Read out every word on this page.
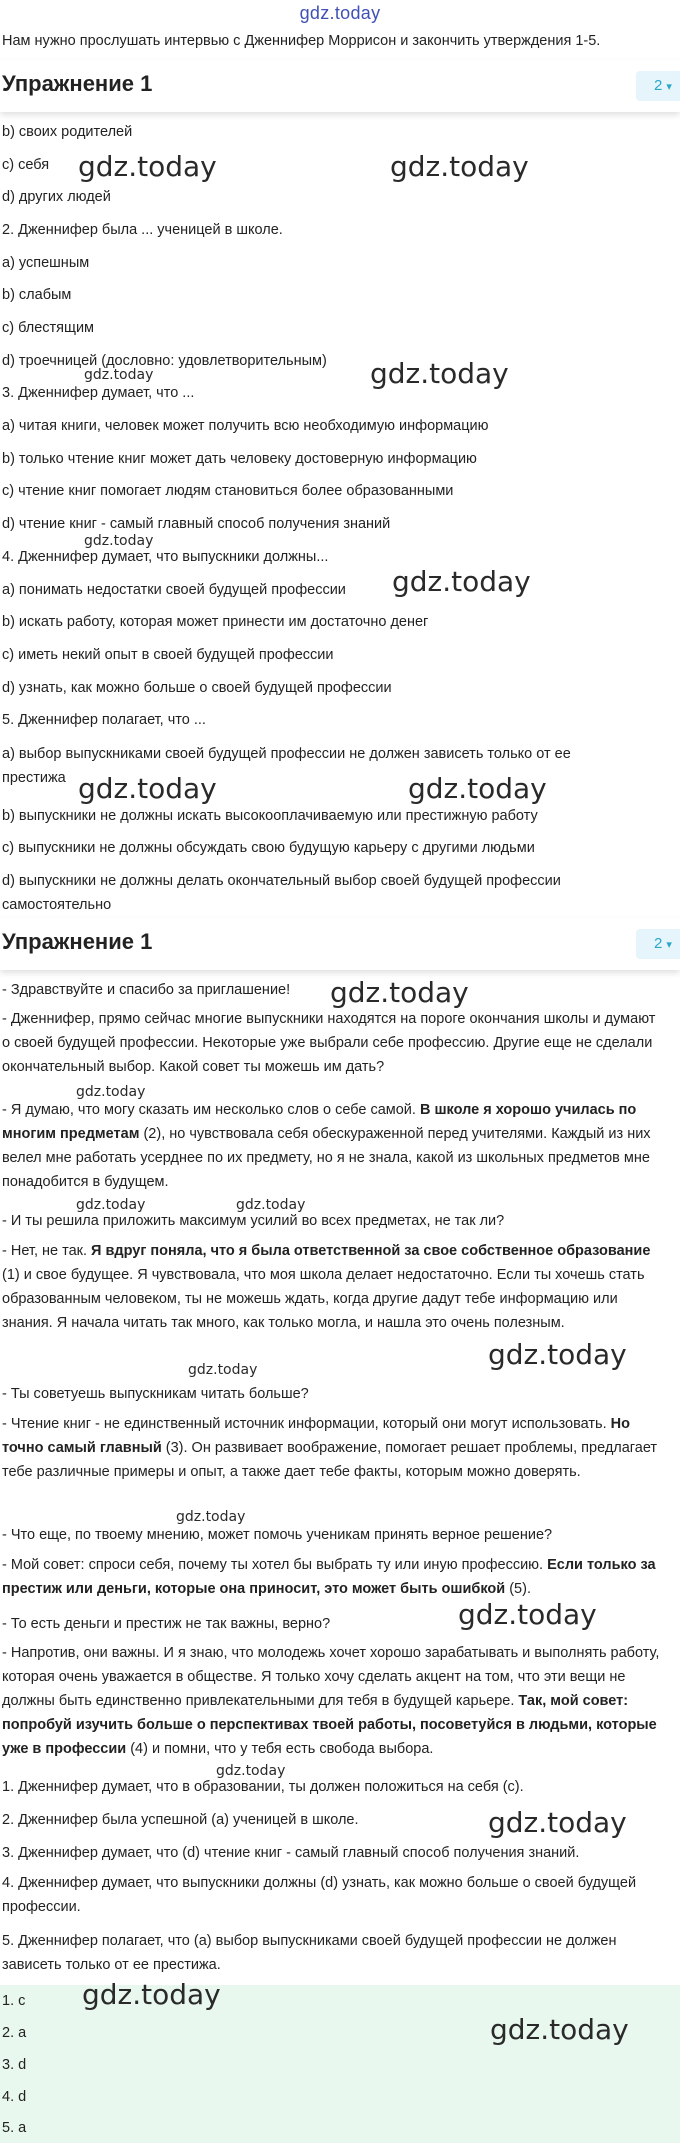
gdz.today
Нам нужно прослушать интервью с Дженнифер Моррисон и закончить утверждения 1-5.
Упражнение 1	2 ▾
b) своих родителей
c) себя
d) других людей
2. Дженнифер была ... ученицей в школе.
a) успешным
b) слабым
c) блестящим
d) троечницей (дословно: удовлетворительным)
3. Дженнифер думает, что ...
a) читая книги, человек может получить всю необходимую информацию
b) только чтение книг может дать человеку достоверную информацию
c) чтение книг помогает людям становиться более образованными
d) чтение книг - самый главный способ получения знаний
4. Дженнифер думает, что выпускники должны...
a) понимать недостатки своей будущей профессии
b) искать работу, которая может принести им достаточно денег
c) иметь некий опыт в своей будущей профессии
d) узнать, как можно больше о своей будущей профессии
5. Дженнифер полагает, что ...
a) выбор выпускниками своей будущей профессии не должен зависеть только от ее
престижа
b) выпускники не должны искать высокооплачиваемую или престижную работу
c) выпускники не должны обсуждать свою будущую карьеру с другими людьми
d) выпускники не должны делать окончательный выбор своей будущей профессии
самостоятельно
Упражнение 1	2 ▾
- Здравствуйте и спасибо за приглашение!
- Дженнифер, прямо сейчас многие выпускники находятся на пороге окончания школы и думают о своей будущей профессии. Некоторые уже выбрали себе профессию. Другие еще не сделали окончательный выбор. Какой совет ты можешь им дать?
- Я думаю, что могу сказать им несколько слов о себе самой. В школе я хорошо училась по многим предметам (2), но чувствовала себя обескураженной перед учителями. Каждый из них велел мне работать усерднее по их предмету, но я не знала, какой из школьных предметов мне понадобится в будущем.
- И ты решила приложить максимум усилий во всех предметах, не так ли?
- Нет, не так. Я вдруг поняла, что я была ответственной за свое собственное образование (1) и свое будущее. Я чувствовала, что моя школа делает недостаточно. Если ты хочешь стать образованным человеком, ты не можешь ждать, когда другие дадут тебе информацию или знания. Я начала читать так много, как только могла, и нашла это очень полезным.
- Ты советуешь выпускникам читать больше?
- Чтение книг - не единственный источник информации, который они могут использовать. Но точно самый главный (3). Он развивает воображение, помогает решает проблемы, предлагает тебе различные примеры и опыт, а также дает тебе факты, которым можно доверять.
- Что еще, по твоему мнению, может помочь ученикам принять верное решение?
- Мой совет: спроси себя, почему ты хотел бы выбрать ту или иную профессию. Если только за престиж или деньги, которые она приносит, это может быть ошибкой (5).
- То есть деньги и престиж не так важны, верно?
- Напротив, они важны. И я знаю, что молодежь хочет хорошо зарабатывать и выполнять работу, которая очень уважается в обществе. Я только хочу сделать акцент на том, что эти вещи не должны быть единственно привлекательными для тебя в будущей карьере. Так, мой совет: попробуй изучить больше о перспективах твоей работы, посоветуйся в людьми, которые уже в профессии (4) и помни, что у тебя есть свобода выбора.
1. Дженнифер думает, что в образовании, ты должен положиться на себя (c).
2. Дженнифер была успешной (a) ученицей в школе.
3. Дженнифер думает, что (d) чтение книг - самый главный способ получения знаний.
4. Дженнифер думает, что выпускники должны (d) узнать, как можно больше о своей будущей профессии.
5. Дженнифер полагает, что (a) выбор выпускниками своей будущей профессии не должен зависеть только от ее престижа.
1. c
2. a
3. d
4. d
5. a
gdz.today	gdz.today
gdz.today	gdz.today
gdz.today
gdz.today
gdz.today	gdz.today
gdz.today
gdz.today
gdz.today	gdz.today
gdz.today
gdz.today
gdz.today
gdz.today
gdz.today
gdz.today
gdz.today
gdz.today
